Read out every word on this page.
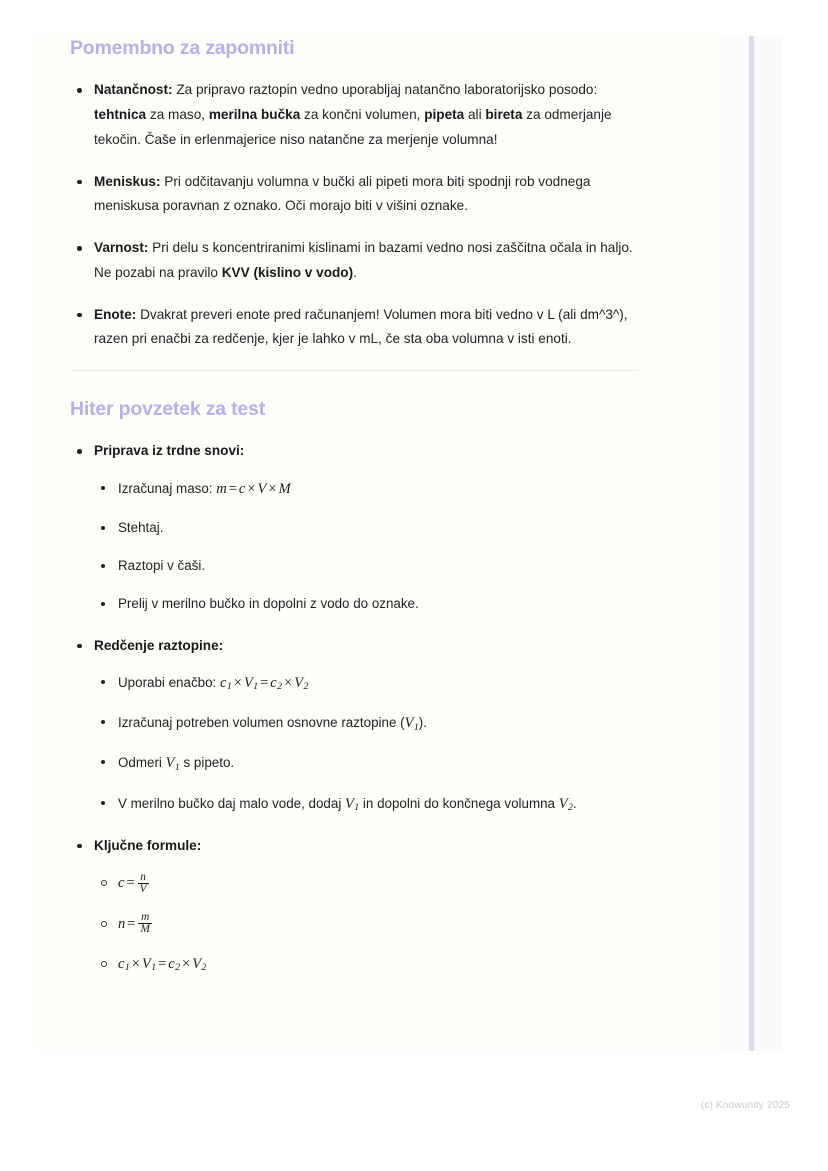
Pomembno za zapomniti
Natančnost: Za pripravo raztopin vedno uporabljaj natančno laboratorijsko posodo: tehtnica za maso, merilna bučka za končni volumen, pipeta ali bireta za odmerjanje tekočin. Čaše in erlenmajerice niso natančne za merjenje volumna!
Meniskus: Pri odčitavanju volumna v bučki ali pipeti mora biti spodnji rob vodnega meniskusa poravnan z oznako. Oči morajo biti v višini oznake.
Varnost: Pri delu s koncentriranimi kislinami in bazami vedno nosi zaščitna očala in haljo. Ne pozabi na pravilo KVV (kislino v vodo).
Enote: Dvakrat preveri enote pred računanjem! Volumen mora biti vedno v L (ali dm^3^), razen pri enačbi za redčenje, kjer je lahko v mL, če sta oba volumna v isti enoti.
Hiter povzetek za test
Priprava iz trdne snovi:
Izračunaj maso: m = c × V × M
Stehtaj.
Raztopi v čaši.
Prelij v merilno bučko in dopolni z vodo do oznake.
Redčenje raztopine:
Uporabi enačbo: $c_1 \times V_1 = c_2 \times V_2$
Izračunaj potreben volumen osnovne raztopine $(V_1)$.
Odmeri $V_1$ s pipeto.
V merilno bučko daj malo vode, dodaj $V_1$ in dopolni do končnega volumna $V_2$.
Ključne formule:
$c = \frac{n}{V}$
$n = \frac{m}{M}$
$c_1 \times V_1 = c_2 \times V_2$
(c) Knowunity 2025
